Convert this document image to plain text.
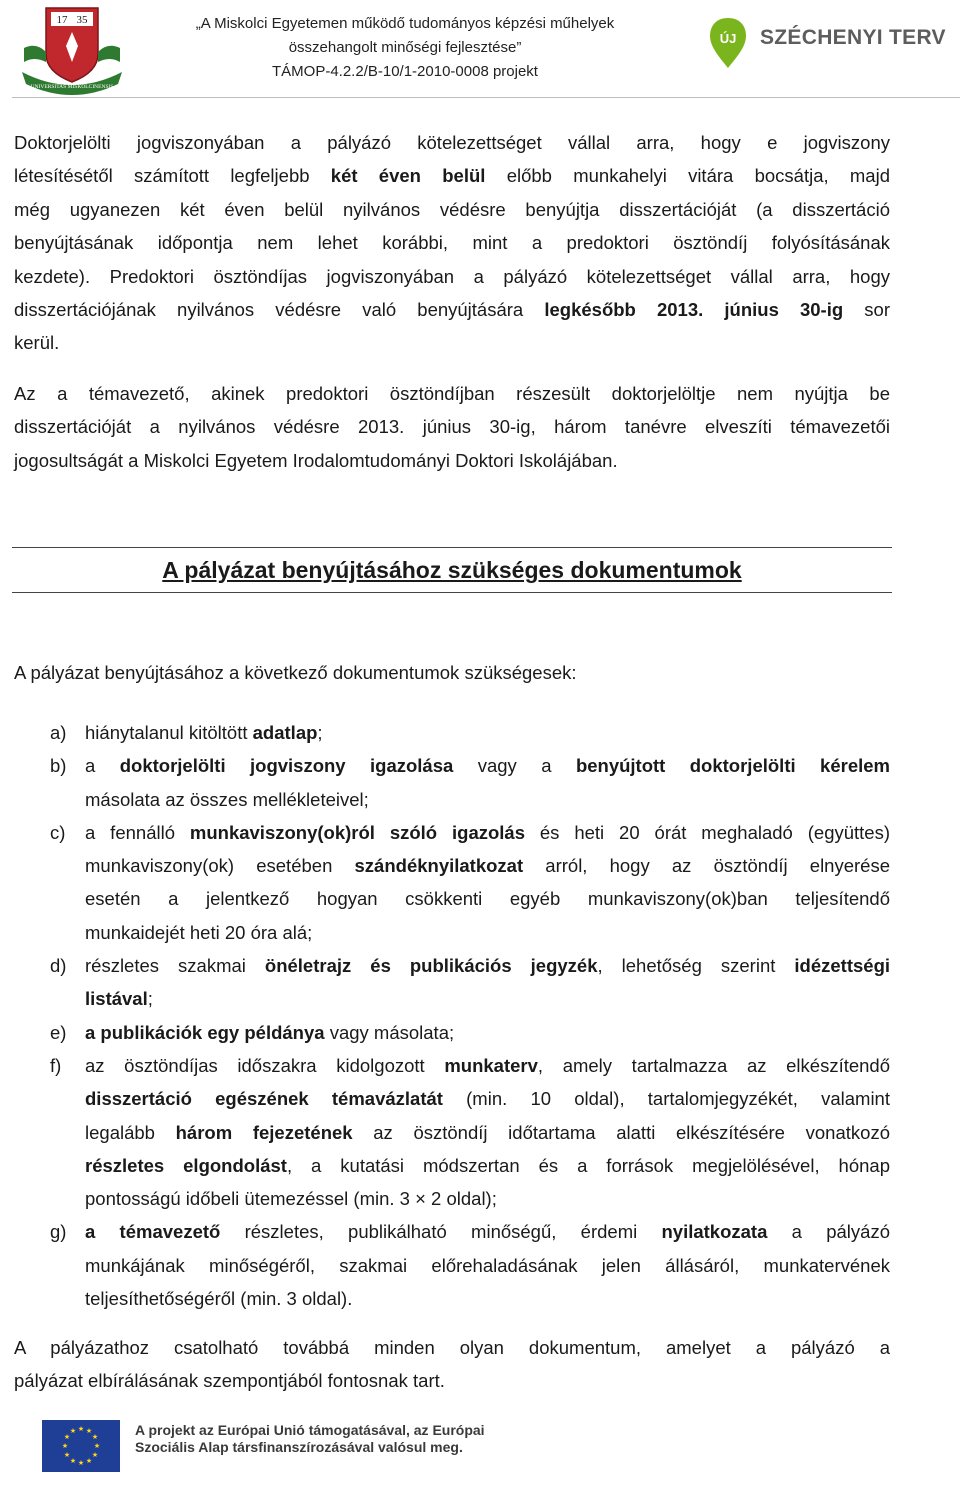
17 35
UNIVERSITAS MISKOLCINENSIS
„A Miskolci Egyetemen működő tudományos képzési műhelyek
összehangolt minőségi fejlesztése”
TÁMOP-4.2.2/B-10/1-2010-0008 projekt
ÚJ SZÉCHENYI TERV

Doktorjelölti jogviszonyában a pályázó kötelezettséget vállal arra, hogy e jogviszony
létesítésétől számított legfeljebb két éven belül előbb munkahelyi vitára bocsátja, majd
még ugyanezen két éven belül nyilvános védésre benyújtja disszertációját (a disszertáció
benyújtásának időpontja nem lehet korábbi, mint a predoktori ösztöndíj folyósításának
kezdete). Predoktori ösztöndíjas jogviszonyában a pályázó kötelezettséget vállal arra, hogy
disszertációjának nyilvános védésre való benyújtására legkésőbb 2013. június 30-ig sor
kerül.

Az a témavezető, akinek predoktori ösztöndíjban részesült doktorjelöltje nem nyújtja be
disszertációját a nyilvános védésre 2013. június 30-ig, három tanévre elveszíti témavezetői
jogosultságát a Miskolci Egyetem Irodalomtudományi Doktori Iskolájában.

A pályázat benyújtásához szükséges dokumentumok
A pályázat benyújtásához a következő dokumentumok szükségesek:
a) hiánytalanul kitöltött adatlap;
b) a doktorjelölti jogviszony igazolása vagy a benyújtott doktorjelölti kérelem
másolata az összes mellékleteivel;
c) a fennálló munkaviszony(ok)ról szóló igazolás és heti 20 órát meghaladó (együttes)
munkaviszony(ok) esetében szándéknyilatkozat arról, hogy az ösztöndíj elnyerése
esetén a jelentkező hogyan csökkenti egyéb munkaviszony(ok)ban teljesítendő
munkaidejét heti 20 óra alá;
d) részletes szakmai önéletrajz és publikációs jegyzék, lehetőség szerint idézettségi
listával;
e) a publikációk egy példánya vagy másolata;
f) az ösztöndíjas időszakra kidolgozott munkaterv, amely tartalmazza az elkészítendő
disszertáció egészének témavázlatát (min. 10 oldal), tartalomjegyzékét, valamint
legalább három fejezetének az ösztöndíj időtartama alatti elkészítésére vonatkozó
részletes elgondolást, a kutatási módszertan és a források megjelölésével, hónap
pontosságú időbeli ütemezéssel (min. 3 × 2 oldal);
g) a témavezető részletes, publikálható minőségű, érdemi nyilatkozata a pályázó
munkájának minőségéről, szakmai előrehaladásának jelen állásáról, munkatervének
teljesíthetőségéről (min. 3 oldal).
A pályázathoz csatolható továbbá minden olyan dokumentum, amelyet a pályázó a
pályázat elbírálásának szempontjából fontosnak tart.
★ ★
★
★
★
★
★
★
★
★
★
★	A projekt az Európai Unió támogatásával, az Európai
Szociális Alap társfinanszírozásával valósul meg.
